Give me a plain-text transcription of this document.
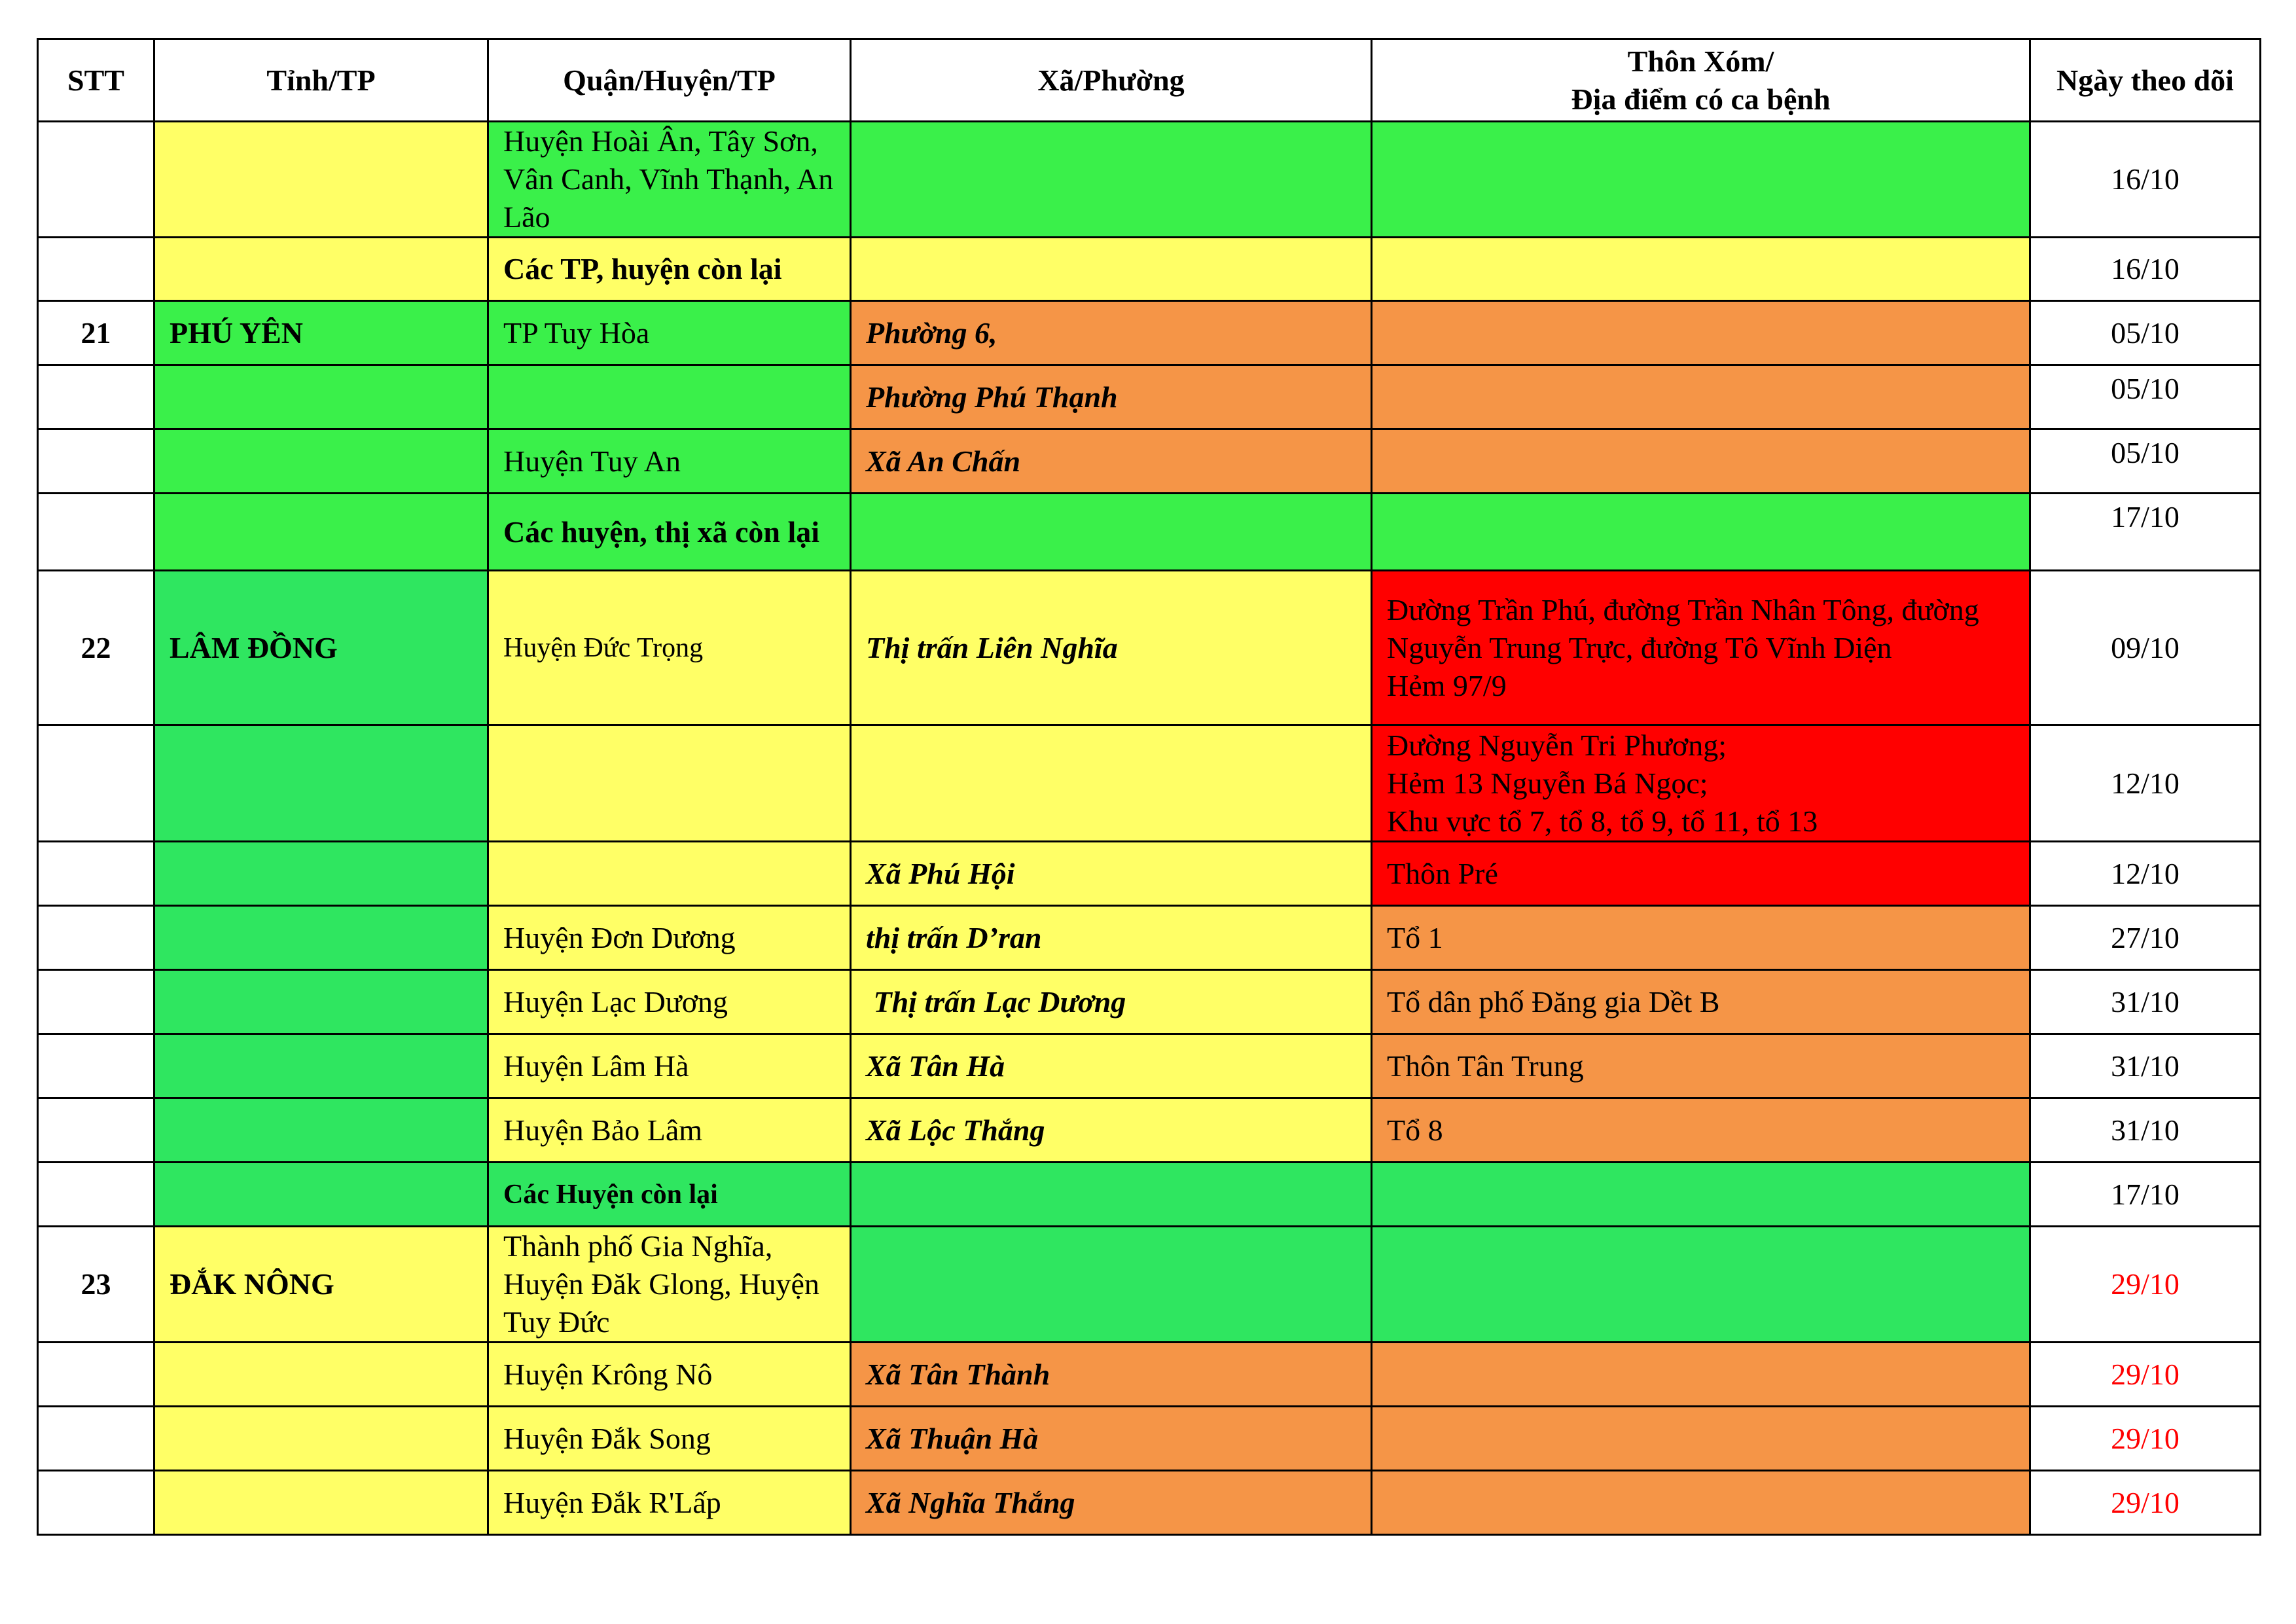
STT	Tỉnh/TP	Quận/Huyện/TP	Xã/Phường	Thôn Xóm/
Địa điểm có ca bệnh	Ngày theo dõi
		Huyện Hoài Ân, Tây Sơn, Vân Canh, Vĩnh Thạnh, An Lão			16/10
		Các TP, huyện còn lại			16/10
21	PHÚ YÊN	TP Tuy Hòa	Phường 6,		05/10
			Phường Phú Thạnh		05/10
		Huyện Tuy An	Xã An Chấn		05/10
		Các huyện, thị xã còn lại			17/10
22	LÂM ĐỒNG	Huyện Đức Trọng	Thị trấn Liên Nghĩa	Đường Trần Phú, đường Trần Nhân Tông, đường Nguyễn Trung Trực, đường Tô Vĩnh Diện
Hẻm 97/9	09/10
				Đường Nguyễn Tri Phương;
Hẻm 13 Nguyễn Bá Ngọc;
Khu vực tổ 7, tổ 8, tổ 9, tổ 11, tổ 13	12/10
			Xã Phú Hội	Thôn Pré	12/10
		Huyện Đơn Dương	thị trấn D’ran	Tổ 1	27/10
		Huyện Lạc Dương	Thị trấn Lạc Dương	Tổ dân phố Đăng gia Dềt B	31/10
		Huyện Lâm Hà	Xã Tân Hà	Thôn Tân Trung	31/10
		Huyện Bảo Lâm	Xã Lộc Thắng	Tổ 8	31/10
		Các Huyện còn lại			17/10
23	ĐẮK NÔNG	Thành phố Gia Nghĩa, Huyện Đăk Glong, Huyện Tuy Đức			29/10
		Huyện Krông Nô	Xã Tân Thành		29/10
		Huyện Đắk Song	Xã Thuận Hà		29/10
		Huyện Đắk R'Lấp	Xã Nghĩa Thắng		29/10
